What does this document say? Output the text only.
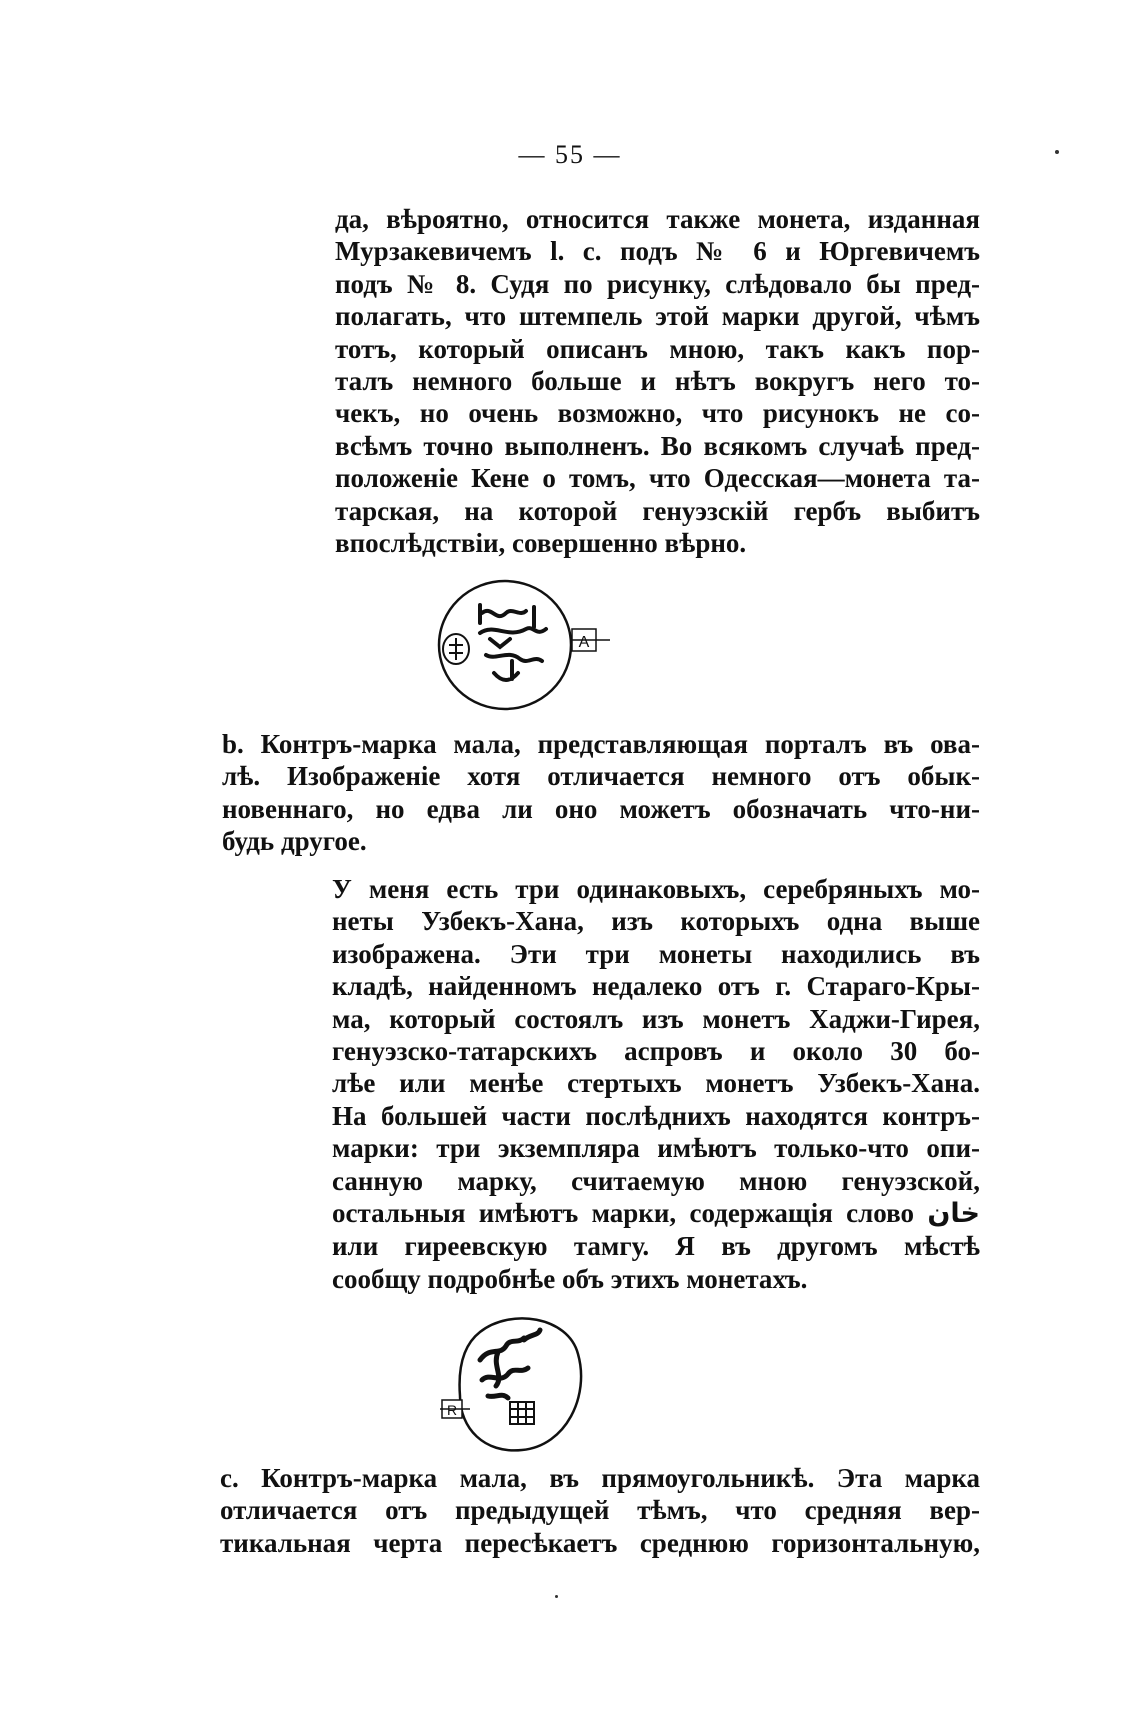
— 55 —
да, вѣроятно, относится также монета, изданная
Мурзакевичемъ l. c. подъ № 6 и Юргевичемъ
подъ № 8. Судя по рисунку, слѣдовало бы пред-
полагать, что штемпель этой марки другой, чѣмъ
тотъ, который описанъ мною, такъ какъ пор-
талъ немного больше и нѣтъ вокругъ него то-
чекъ, но очень возможно, что рисунокъ не со-
всѣмъ точно выполненъ. Во всякомъ случаѣ пред-
положеніе Кене о томъ, что Одесская—монета та-
тарская, на которой генуэзскій гербъ выбитъ
впослѣдствіи, совершенно вѣрно.
A
b. Контръ-марка мала, представляющая порталъ въ ова-
лѣ. Изображеніе хотя отличается немного отъ обык-
новеннаго, но едва ли оно можетъ обозначать что-ни-
будь другое.
У меня есть три одинаковыхъ, серебряныхъ мо-
неты Узбекъ-Хана, изъ которыхъ одна выше
изображена. Эти три монеты находились въ
кладѣ, найденномъ недалеко отъ г. Стараго-Кры-
ма, который состоялъ изъ монетъ Хаджи-Гирея,
генуэзско-татарскихъ аспровъ и около 30 бо-
лѣе или менѣе стертыхъ монетъ Узбекъ-Хана.
На большей части послѣднихъ находятся контръ-
марки: три экземпляра имѣютъ только-что опи-
санную марку, считаемую мною генуэзской,
остальныя имѣютъ марки, содержащія слово خان
или гиреевскую тамгу. Я въ другомъ мѣстѣ
сообщу подробнѣе объ этихъ монетахъ.
R
c. Контръ-марка мала, въ прямоугольникѣ. Эта марка
отличается отъ предыдущей тѣмъ, что средняя вер-
тикальная черта пересѣкаетъ среднюю горизонтальную,
